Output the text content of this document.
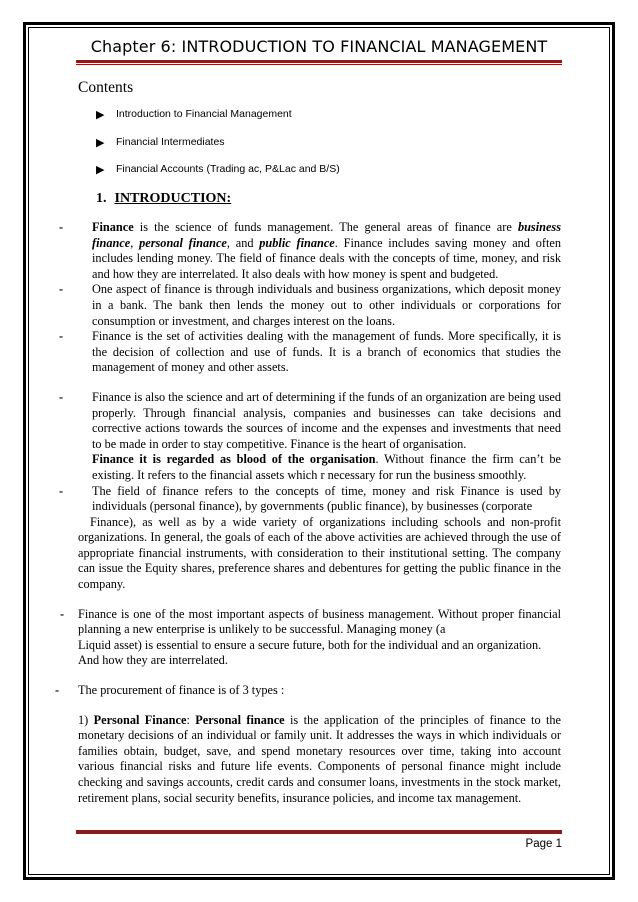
Chapter 6: INTRODUCTION TO FINANCIAL MANAGEMENT
Contents
▶	Introduction to Financial Management
▶	Financial Intermediates
▶	Financial Accounts (Trading ac, P&Lac and B/S)
1. INTRODUCTION:
- Finance is the science of funds management. The general areas of finance are business finance, personal finance, and public finance. Finance includes saving money and often includes lending money. The field of finance deals with the concepts of time, money, and risk and how they are interrelated. It also deals with how money is spent and budgeted.
- One aspect of finance is through individuals and business organizations, which deposit money in a bank. The bank then lends the money out to other individuals or corporations for consumption or investment, and charges interest on the loans.
- Finance is the set of activities dealing with the management of funds. More specifically, it is the decision of collection and use of funds. It is a branch of economics that studies the management of money and other assets.
- Finance is also the science and art of determining if the funds of an organization are being used properly. Through financial analysis, companies and businesses can take decisions and corrective actions towards the sources of income and the expenses and investments that need to be made in order to stay competitive. Finance is the heart of organisation.
Finance it is regarded as blood of the organisation. Without finance the firm can’t be existing. It refers to the financial assets which r necessary for run the business smoothly.
- The field of finance refers to the concepts of time, money and risk Finance is used by individuals (personal finance), by governments (public finance), by businesses (corporate
Finance), as well as by a wide variety of organizations including schools and non-profit organizations. In general, the goals of each of the above activities are achieved through the use of appropriate financial instruments, with consideration to their institutional setting. The company can issue the Equity shares, preference shares and debentures for getting the public finance in the company.
- Finance is one of the most important aspects of business management. Without proper financial planning a new enterprise is unlikely to be successful. Managing money (a
Liquid asset) is essential to ensure a secure future, both for the individual and an organization.
And how they are interrelated.
- The procurement of finance is of 3 types :
1) Personal Finance: Personal finance is the application of the principles of finance to the monetary decisions of an individual or family unit. It addresses the ways in which individuals or families obtain, budget, save, and spend monetary resources over time, taking into account various financial risks and future life events. Components of personal finance might include checking and savings accounts, credit cards and consumer loans, investments in the stock market, retirement plans, social security benefits, insurance policies, and income tax management.
Page 1
